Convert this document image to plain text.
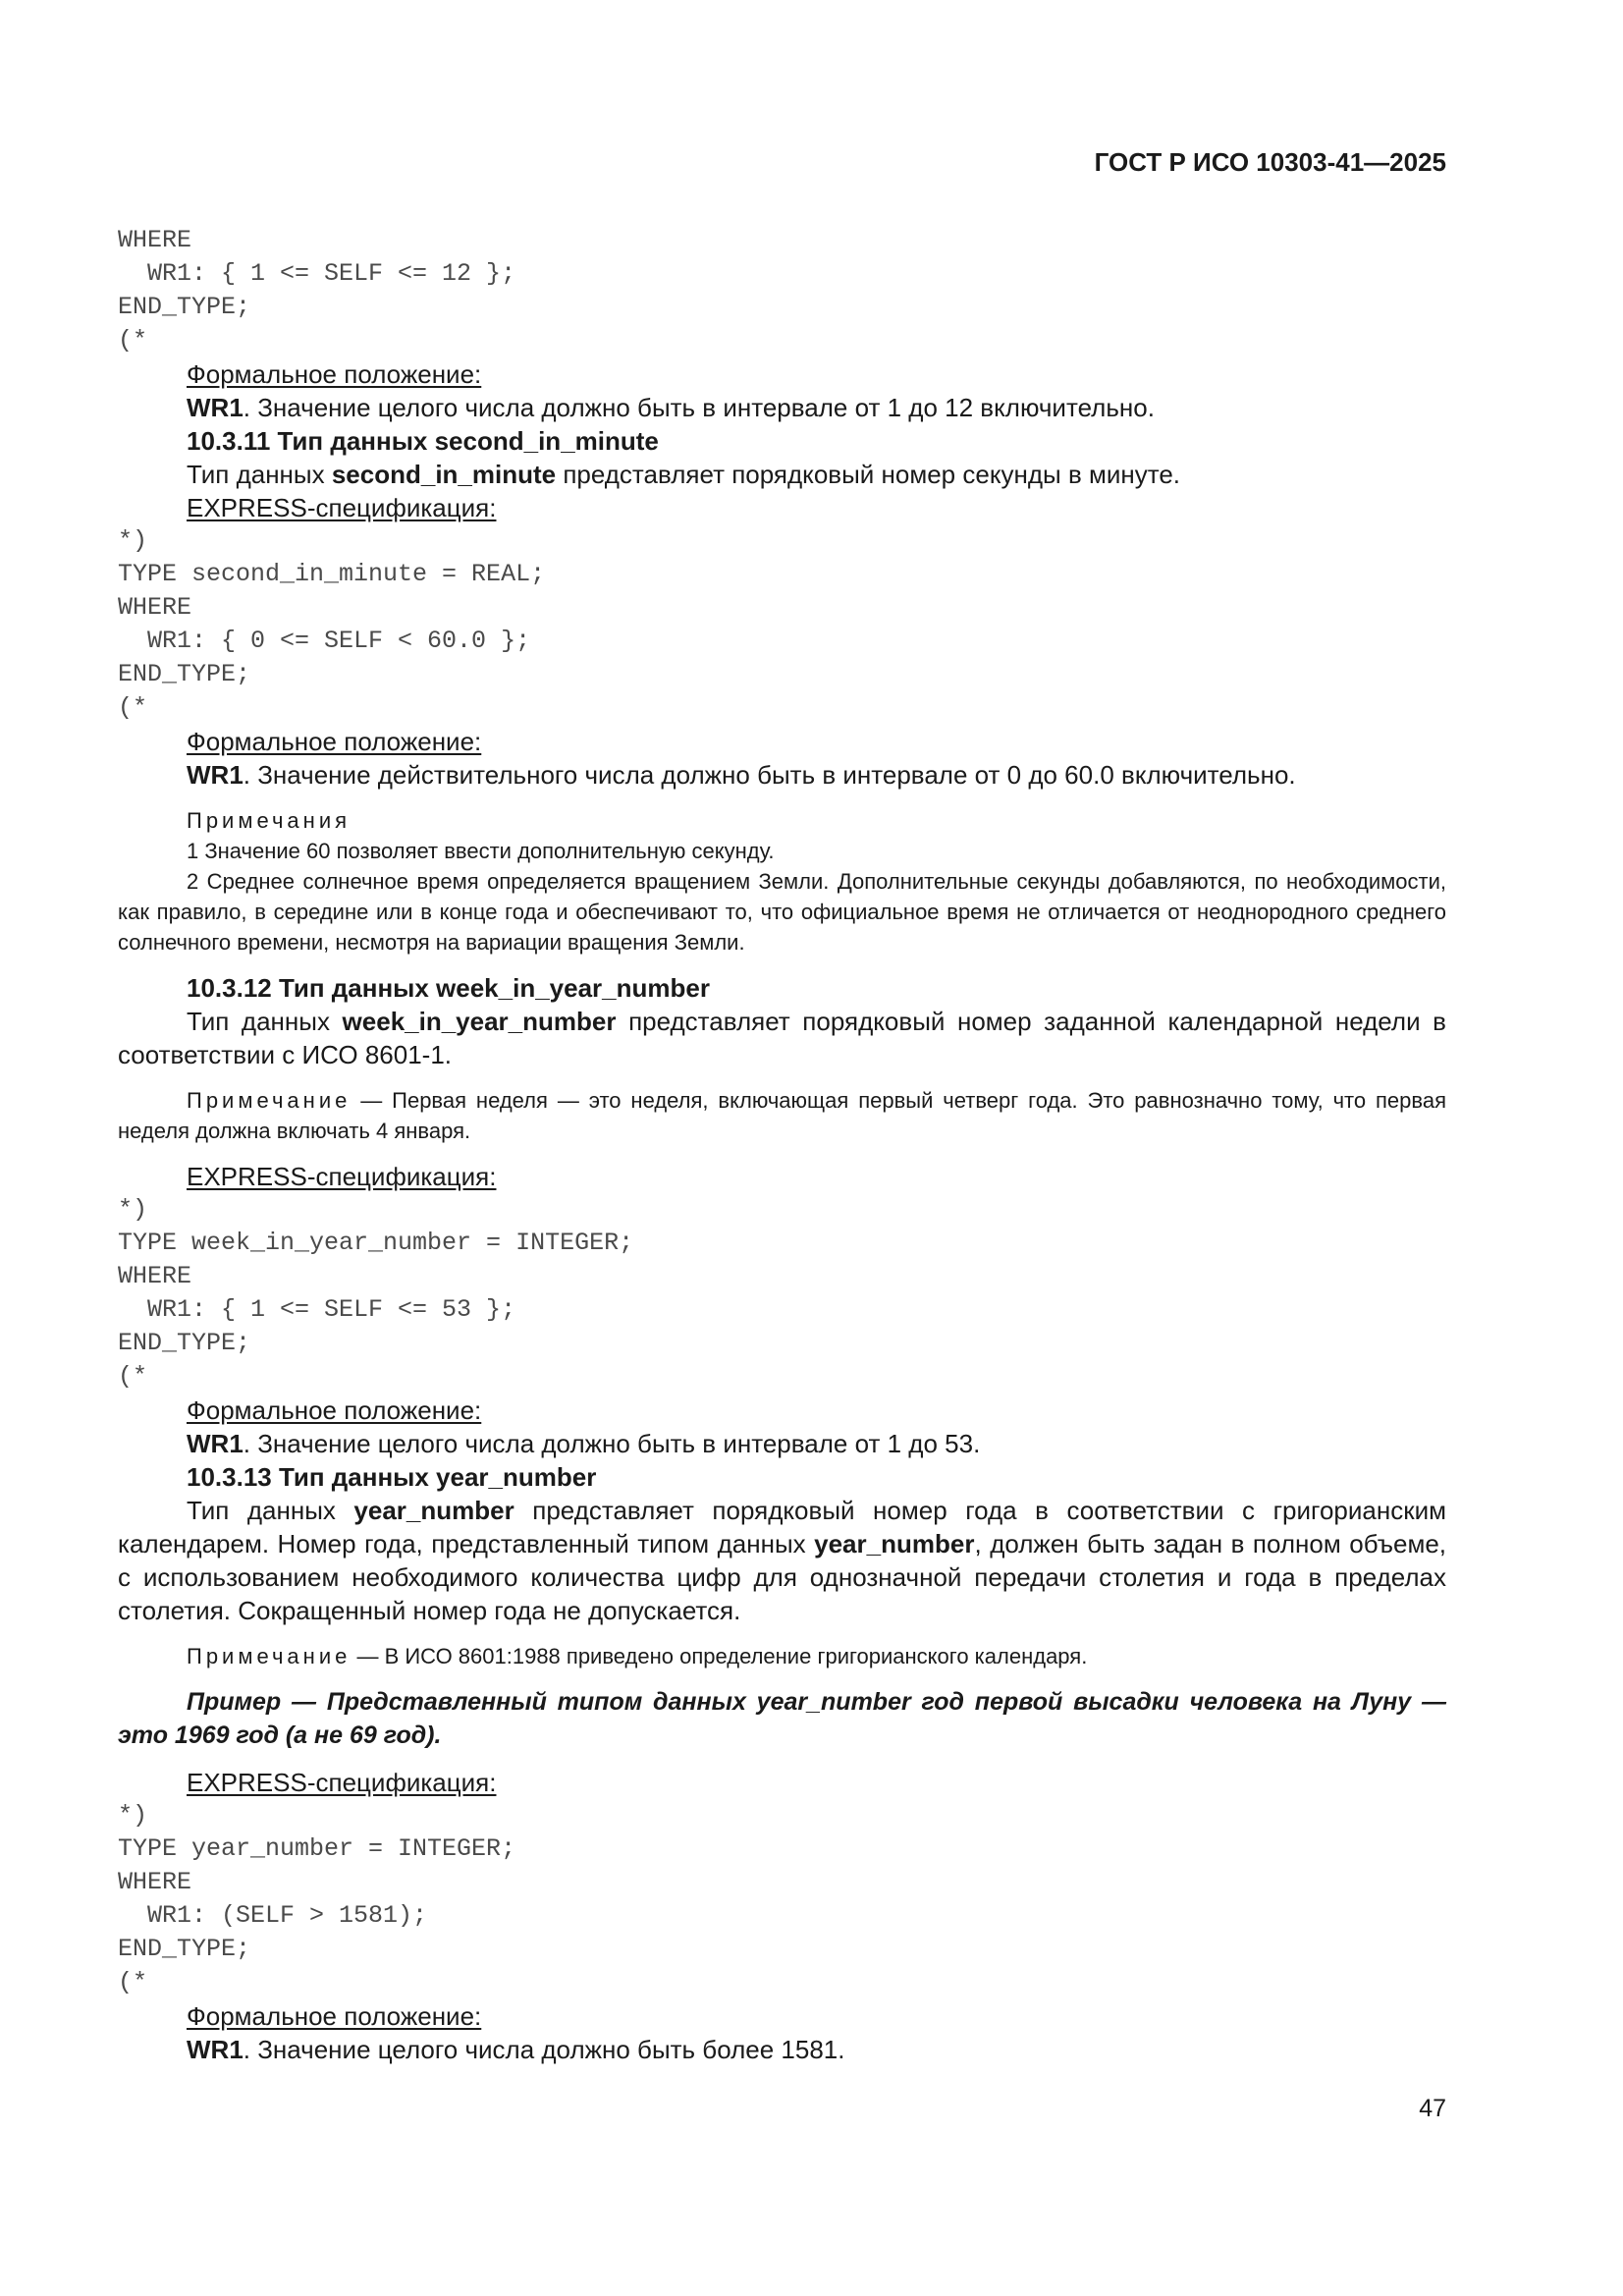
ГОСТ Р ИСО 10303-41—2025
WHERE
WR1: { 1 <= SELF <= 12 };
END_TYPE;
(*
Формальное положение:
WR1. Значение целого числа должно быть в интервале от 1 до 12 включительно.
10.3.11 Тип данных second_in_minute
Тип данных second_in_minute представляет порядковый номер секунды в минуте.
EXPRESS-спецификация:
*)
TYPE second_in_minute = REAL;
WHERE
WR1: { 0 <= SELF < 60.0 };
END_TYPE;
(*
Формальное положение:
WR1. Значение действительного числа должно быть в интервале от 0 до 60.0 включительно.
Примечания
1 Значение 60 позволяет ввести дополнительную секунду.
2 Среднее солнечное время определяется вращением Земли. Дополнительные секунды добавляются, по необходимости, как правило, в середине или в конце года и обеспечивают то, что официальное время не отличается от неоднородного среднего солнечного времени, несмотря на вариации вращения Земли.
10.3.12 Тип данных week_in_year_number
Тип данных week_in_year_number представляет порядковый номер заданной календарной недели в соответствии с ИСО 8601-1.
Примечание — Первая неделя — это неделя, включающая первый четверг года. Это равнозначно тому, что первая неделя должна включать 4 января.
EXPRESS-спецификация:
*)
TYPE week_in_year_number = INTEGER;
WHERE
WR1: { 1 <= SELF <= 53 };
END_TYPE;
(*
Формальное положение:
WR1. Значение целого числа должно быть в интервале от 1 до 53.
10.3.13 Тип данных year_number
Тип данных year_number представляет порядковый номер года в соответствии с григорианским календарем. Номер года, представленный типом данных year_number, должен быть задан в полном объеме, с использованием необходимого количества цифр для однозначной передачи столетия и года в пределах столетия. Сокращенный номер года не допускается.
Примечание — В ИСО 8601:1988 приведено определение григорианского календаря.
Пример — Представленный типом данных year_number год первой высадки человека на Луну — это 1969 год (а не 69 год).
EXPRESS-спецификация:
*)
TYPE year_number = INTEGER;
WHERE
WR1: (SELF > 1581);
END_TYPE;
(*
Формальное положение:
WR1. Значение целого числа должно быть более 1581.
47
